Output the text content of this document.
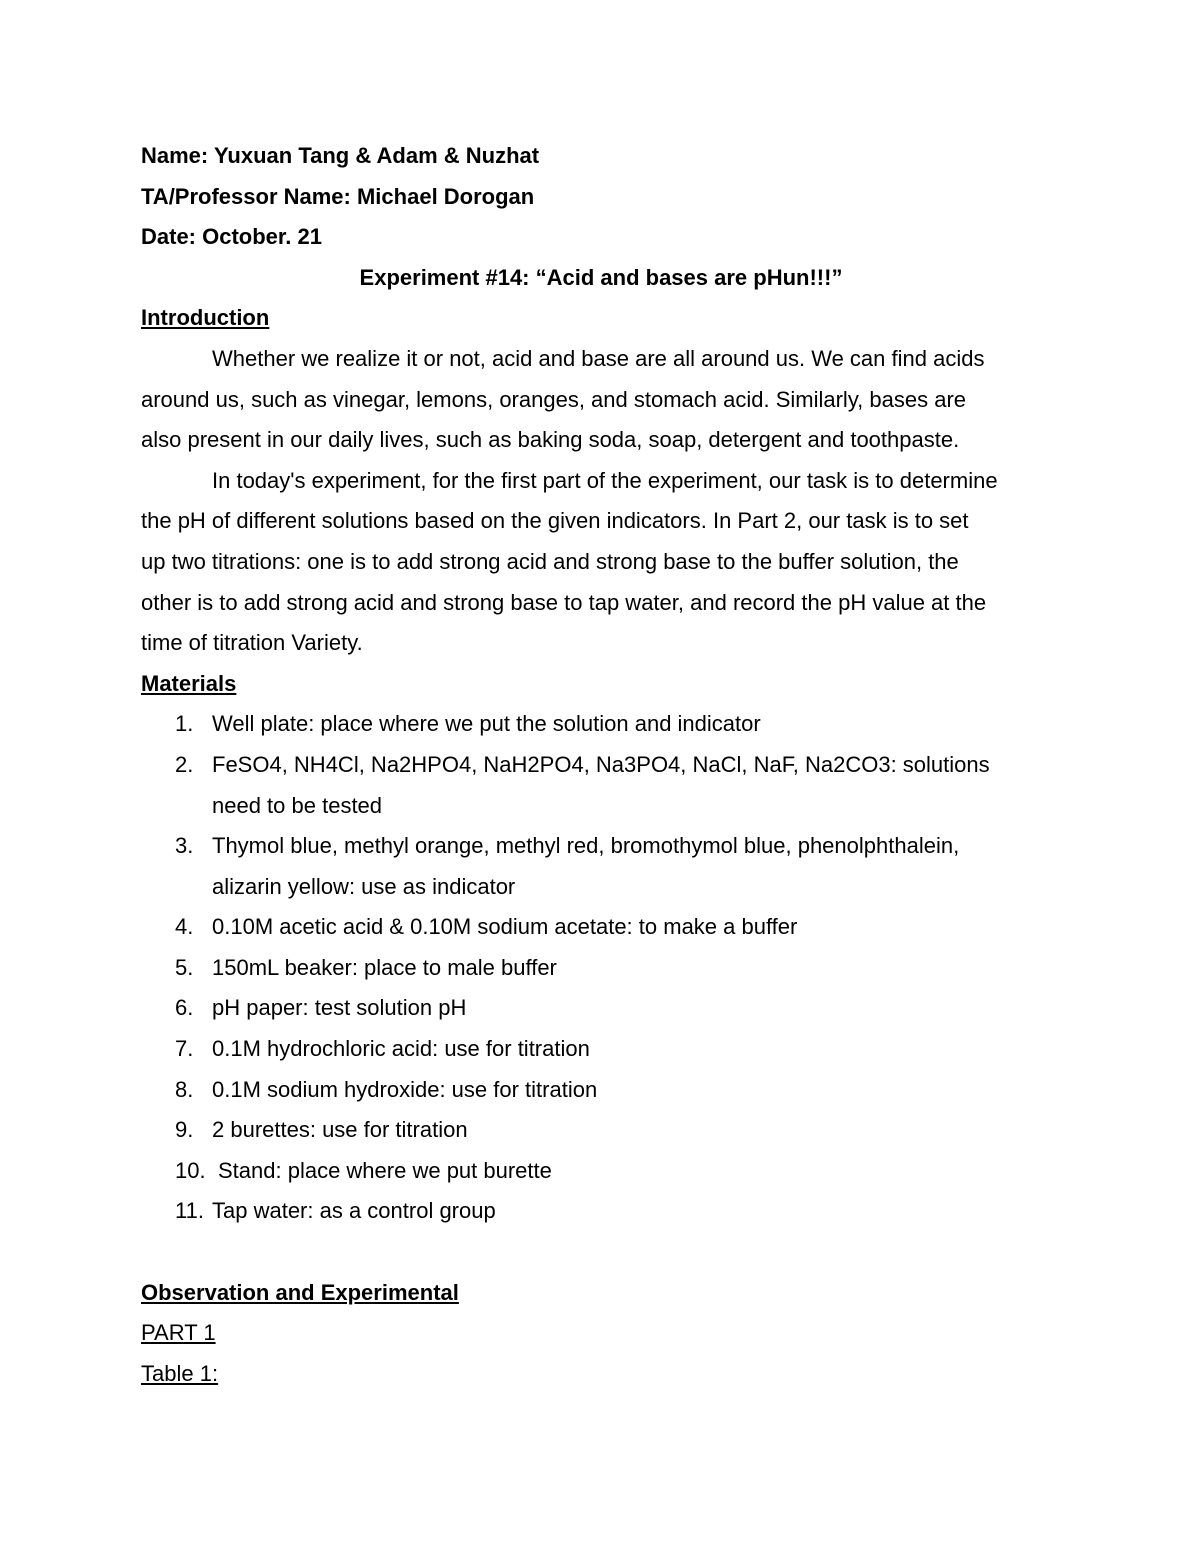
Name: Yuxuan Tang & Adam & Nuzhat

TA/Professor Name: Michael Dorogan

Date: October. 21

Experiment #14: “Acid and bases are pHun!!!”

Introduction

Whether we realize it or not, acid and base are all around us. We can find acids
around us, such as vinegar, lemons, oranges, and stomach acid. Similarly, bases are
also present in our daily lives, such as baking soda, soap, detergent and toothpaste.

In today's experiment, for the first part of the experiment, our task is to determine
the pH of different solutions based on the given indicators. In Part 2, our task is to set
up two titrations: one is to add strong acid and strong base to the buffer solution, the
other is to add strong acid and strong base to tap water, and record the pH value at the
time of titration Variety.

Materials

1. Well plate: place where we put the solution and indicator
2. FeSO4, NH4Cl, Na2HPO4, NaH2PO4, Na3PO4, NaCl, NaF, Na2CO3: solutions
need to be tested
3. Thymol blue, methyl orange, methyl red, bromothymol blue, phenolphthalein,
alizarin yellow: use as indicator
4. 0.10M acetic acid & 0.10M sodium acetate: to make a buffer
5. 150mL beaker: place to male buffer
6. pH paper: test solution pH
7. 0.1M hydrochloric acid: use for titration
8. 0.1M sodium hydroxide: use for titration
9. 2 burettes: use for titration
10. Stand: place where we put burette
11. Tap water: as a control group

Observation and Experimental

PART 1

Table 1:
